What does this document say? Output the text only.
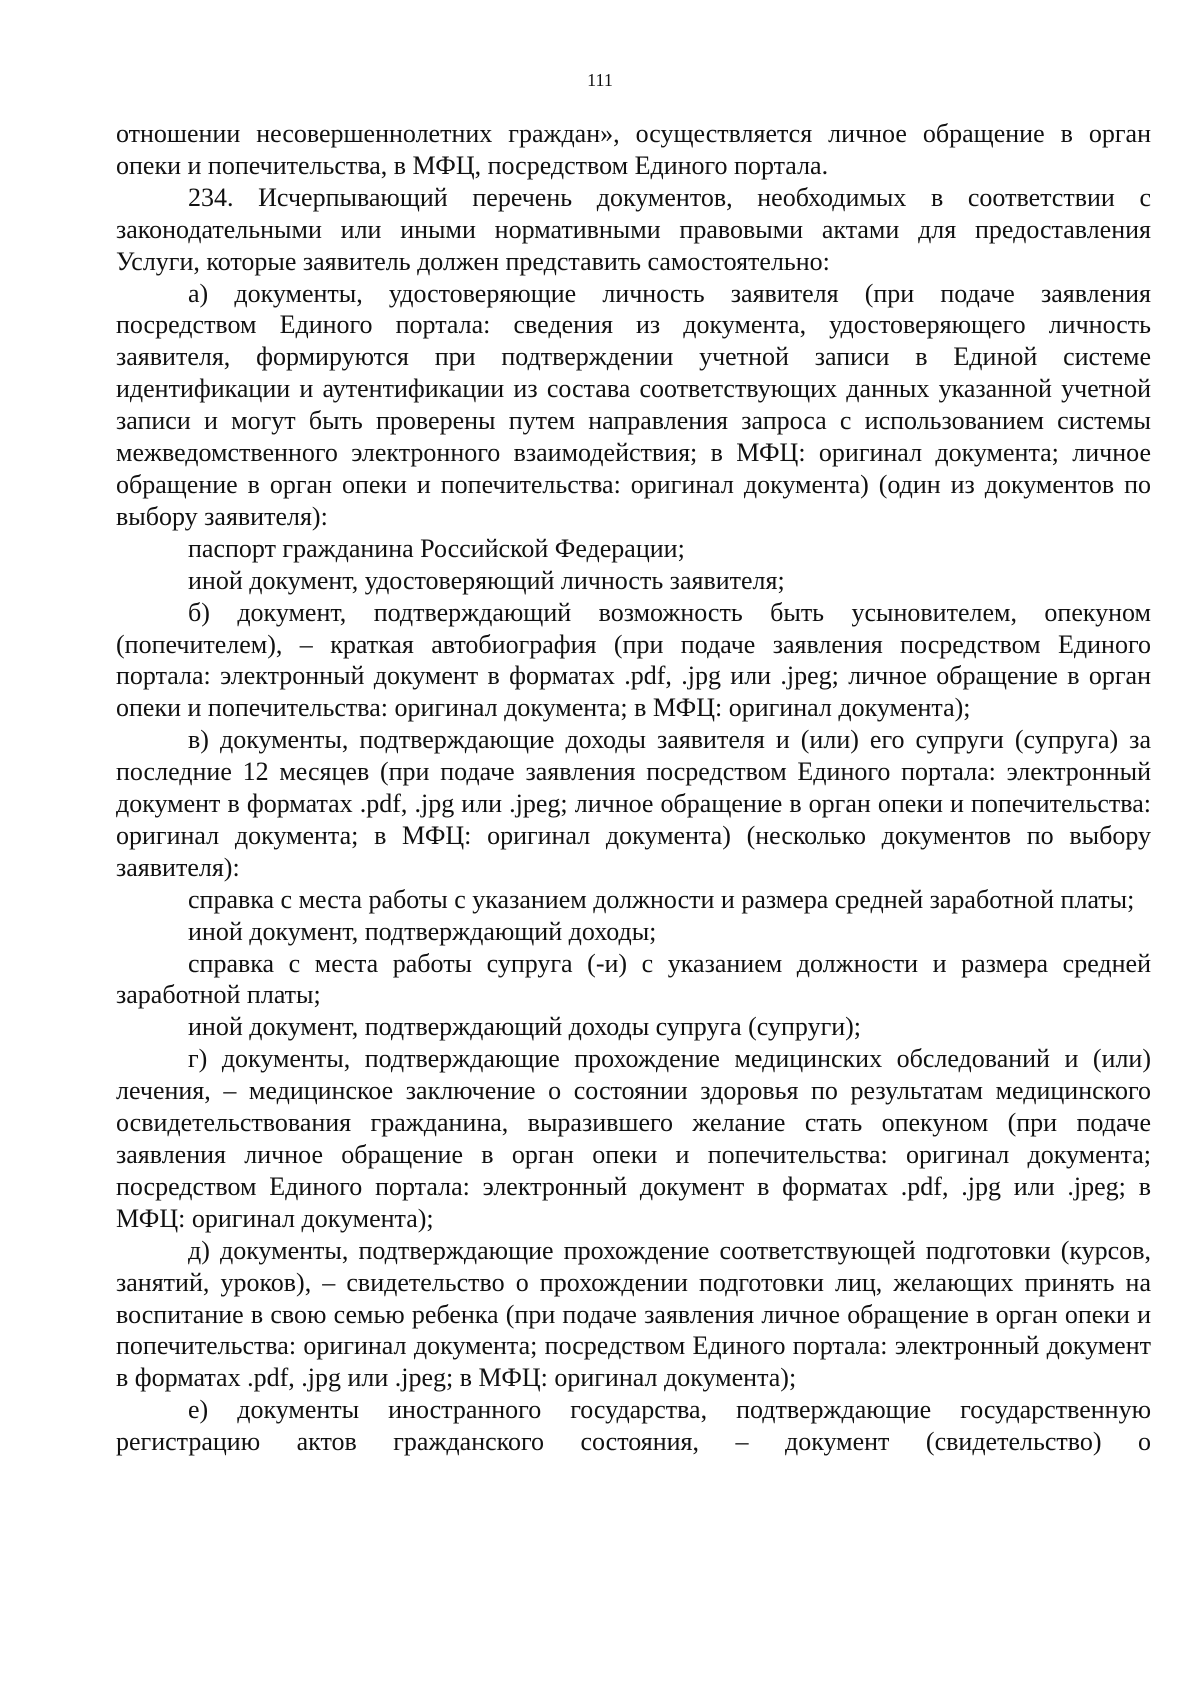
111

отношении несовершеннолетних граждан», осуществляется личное обращение в орган опеки и попечительства, в МФЦ, посредством Единого портала.

234. Исчерпывающий перечень документов, необходимых в соответствии с законодательными или иными нормативными правовыми актами для предоставления Услуги, которые заявитель должен представить самостоятельно:

а) документы, удостоверяющие личность заявителя (при подаче заявления посредством Единого портала: сведения из документа, удостоверяющего личность заявителя, формируются при подтверждении учетной записи в Единой системе идентификации и аутентификации из состава соответствующих данных указанной учетной записи и могут быть проверены путем направления запроса с использованием системы межведомственного электронного взаимодействия; в МФЦ: оригинал документа; личное обращение в орган опеки и попечительства: оригинал документа) (один из документов по выбору заявителя):

паспорт гражданина Российской Федерации;

иной документ, удостоверяющий личность заявителя;

б) документ, подтверждающий возможность быть усыновителем, опекуном (попечителем), – краткая автобиография (при подаче заявления посредством Единого портала: электронный документ в форматах .pdf, .jpg или .jpeg; личное обращение в орган опеки и попечительства: оригинал документа; в МФЦ: оригинал документа);

в) документы, подтверждающие доходы заявителя и (или) его супруги (супруга) за последние 12 месяцев (при подаче заявления посредством Единого портала: электронный документ в форматах .pdf, .jpg или .jpeg; личное обращение в орган опеки и попечительства: оригинал документа; в МФЦ: оригинал документа) (несколько документов по выбору заявителя):

справка с места работы с указанием должности и размера средней заработной платы;

иной документ, подтверждающий доходы;

справка с места работы супруга (-и) с указанием должности и размера средней заработной платы;

иной документ, подтверждающий доходы супруга (супруги);

г) документы, подтверждающие прохождение медицинских обследований и (или) лечения, – медицинское заключение о состоянии здоровья по результатам медицинского освидетельствования гражданина, выразившего желание стать опекуном (при подаче заявления личное обращение в орган опеки и попечительства: оригинал документа; посредством Единого портала: электронный документ в форматах .pdf, .jpg или .jpeg; в МФЦ: оригинал документа);

д) документы, подтверждающие прохождение соответствующей подготовки (курсов, занятий, уроков), – свидетельство о прохождении подготовки лиц, желающих принять на воспитание в свою семью ребенка (при подаче заявления личное обращение в орган опеки и попечительства: оригинал документа; посредством Единого портала: электронный документ в форматах .pdf, .jpg или .jpeg; в МФЦ: оригинал документа);

е) документы иностранного государства, подтверждающие государственную регистрацию актов гражданского состояния, – документ (свидетельство) о
